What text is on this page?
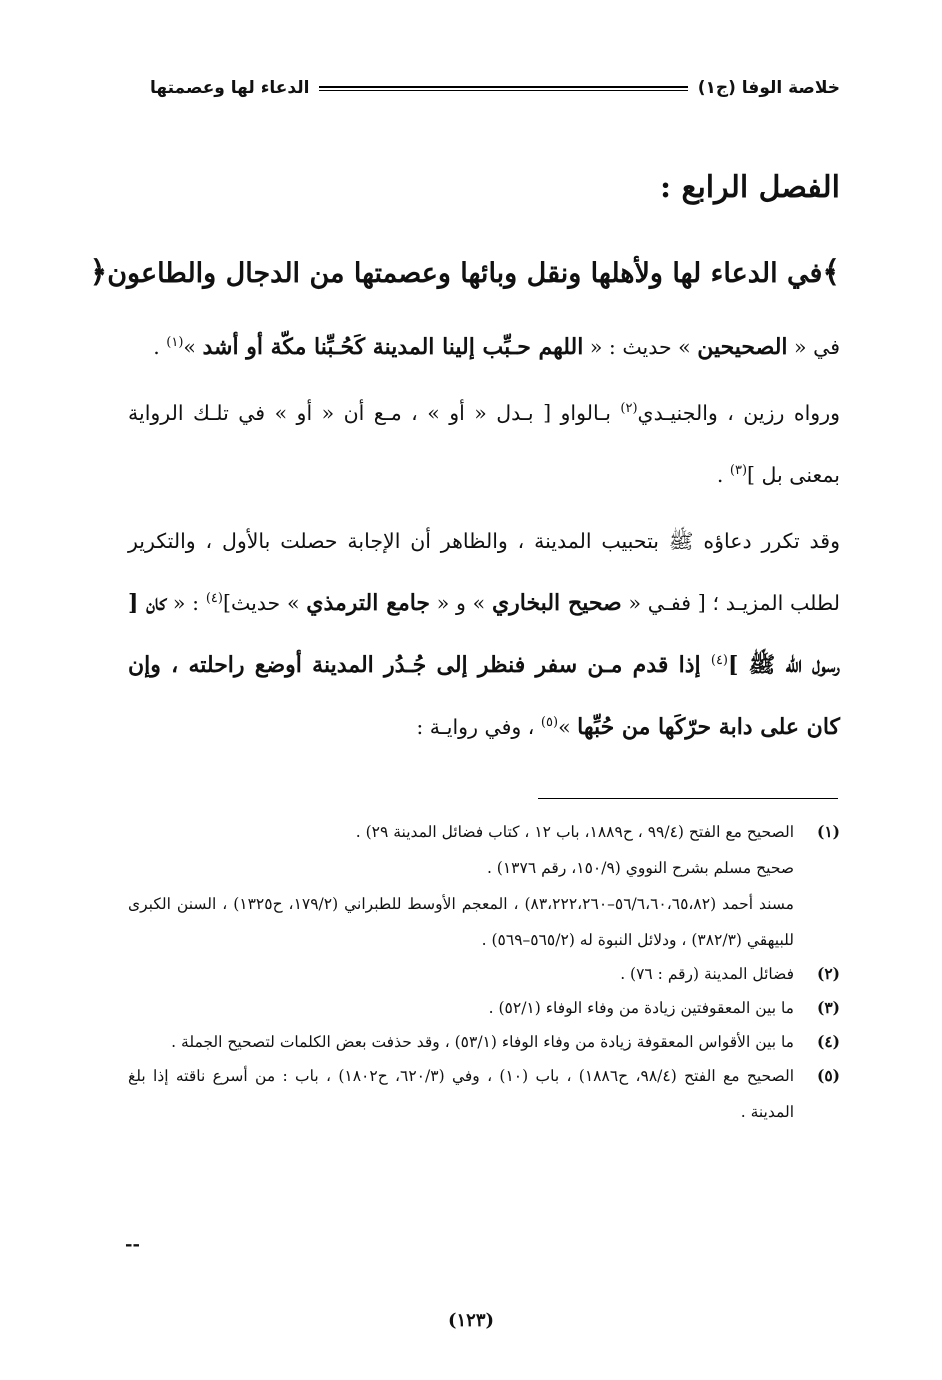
خلاصة الوفا (ج١)
الدعاء لها وعصمتها
الفصل الرابع :
﴾في الدعاء لها ولأهلها ونقل وبائها وعصمتها من الدجال والطاعون﴿

في « الصحيحين » حديث : « اللهم حـبِّب إلينا المدينة كَحُـبِّنا مكّة أو أشد »$^{(١)}$ .

ورواه رزين ، والجنيـدي$^{(٢)}$ بـالواو [ بـدل « أو » ، مـع أن « أو » في تلـك الرواية بمعنى بل ]$^{(٣)}$ .

وقد تكرر دعاؤه ﷺ بتحبيب المدينة ، والظاهر أن الإجابة حصلت بالأول ، والتكرير لطلب المزيـد ؛ [ ففـي « صحيح البخاري » و « جامع الترمذي » حديث]$^{(٤)}$ : « كان [ رسول الله ﷺ ]$^{(٤)}$ إذا قدم مـن سفر فنظر إلى جُـدُر المدينة أوضع راحلته ، وإن كان على دابة حرّكَها من حُبِّها »$^{(٥)}$ ، وفي روايـة :

(١)
الصحيح مع الفتح (٩٩/٤ ، ح١٨٨٩، باب ١٢ ، كتاب فضائل المدينة ٢٩) .
صحيح مسلم بشرح النووي (١٥٠/٩، رقم ١٣٧٦) .
مسند أحمد (٥٦/٦،٦٠،٦٥،٨٢–٨٣،٢٢٢،٢٦٠) ، المعجم الأوسط للطبراني (١٧٩/٢، ح١٣٢٥) ، السنن الكبرى للبيهقي (٣٨٢/٣) ، ودلائل النبوة له (٥٦٥/٢–٥٦٩) .
(٢)
فضائل المدينة (رقم : ٧٦) .
(٣)
ما بين المعقوفتين زيادة من وفاء الوفاء (٥٢/١) .
(٤)
ما بين الأقواس المعقوفة زيادة من وفاء الوفاء (٥٣/١) ، وقد حذفت بعض الكلمات لتصحيح الجملة .
(٥)
الصحيح مع الفتح (٩٨/٤، ح١٨٨٦) ، باب (١٠) ، وفي (٦٢٠/٣، ح١٨٠٢) ، باب : من أسرع ناقته إذا بلغ المدينة .
--
(١٢٣)
